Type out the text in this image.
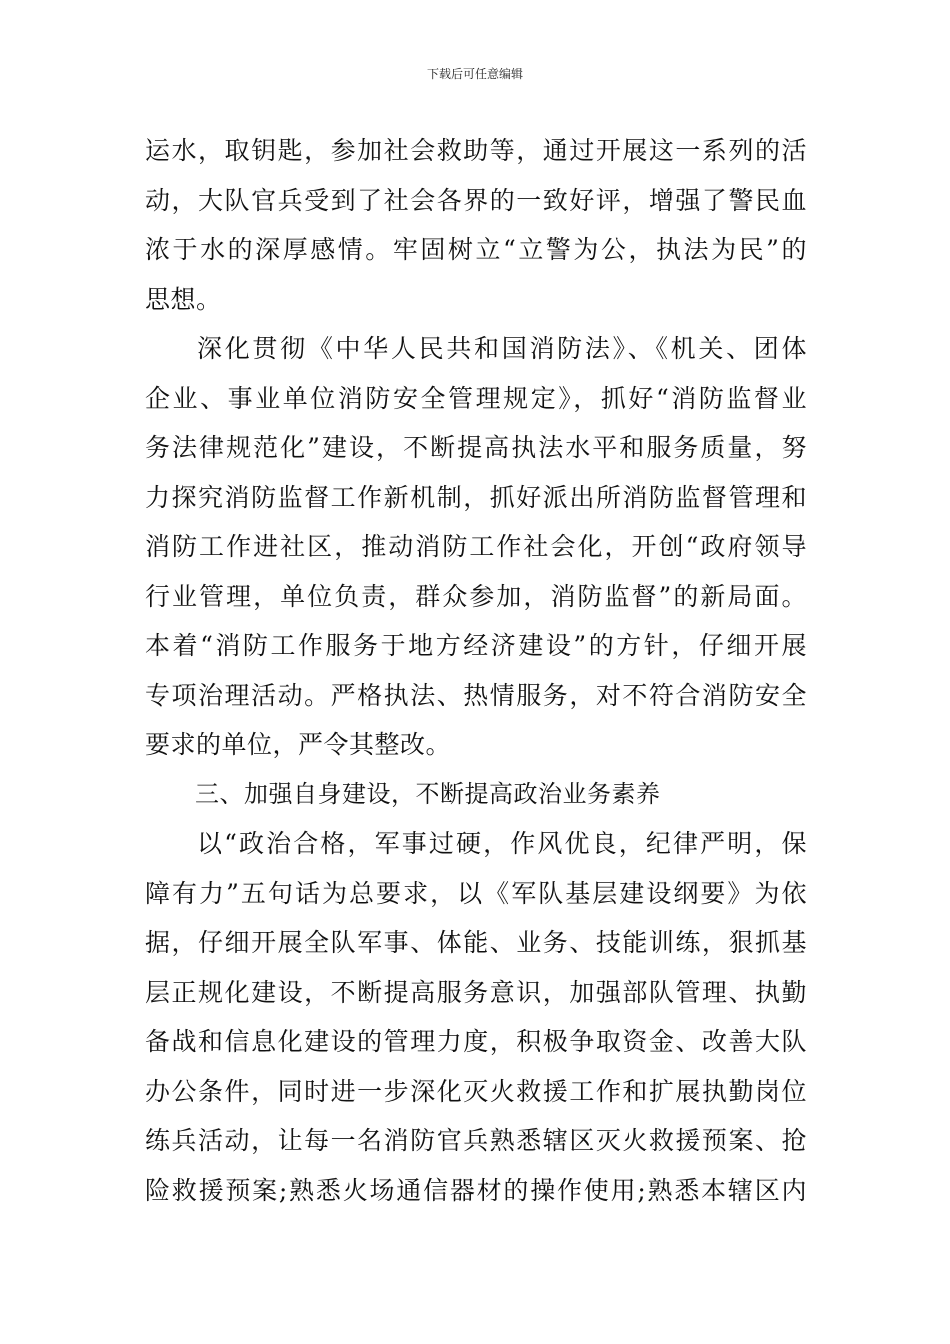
下载后可任意编辑
运水，取钥匙，参加社会救助等，通过开展这一系列的活
动，大队官兵受到了社会各界的一致好评，增强了警民血
浓于水的深厚感情。牢固树立“立警为公，执法为民”的
思想。
深化贯彻《中华人民共和国消防法》、《机关、团体
企业、事业单位消防安全管理规定》，抓好“消防监督业
务法律规范化”建设，不断提高执法水平和服务质量，努
力探究消防监督工作新机制，抓好派出所消防监督管理和
消防工作进社区，推动消防工作社会化，开创“政府领导
行业管理，单位负责，群众参加，消防监督”的新局面。
本着“消防工作服务于地方经济建设”的方针，仔细开展
专项治理活动。严格执法、热情服务，对不符合消防安全
要求的单位，严令其整改。
三、加强自身建设，不断提高政治业务素养
以“政治合格，军事过硬，作风优良，纪律严明，保
障有力”五句话为总要求，以《军队基层建设纲要》为依
据，仔细开展全队军事、体能、业务、技能训练，狠抓基
层正规化建设，不断提高服务意识，加强部队管理、执勤
备战和信息化建设的管理力度，积极争取资金、改善大队
办公条件，同时进一步深化灭火救援工作和扩展执勤岗位
练兵活动，让每一名消防官兵熟悉辖区灭火救援预案、抢
险救援预案;熟悉火场通信器材的操作使用;熟悉本辖区内
